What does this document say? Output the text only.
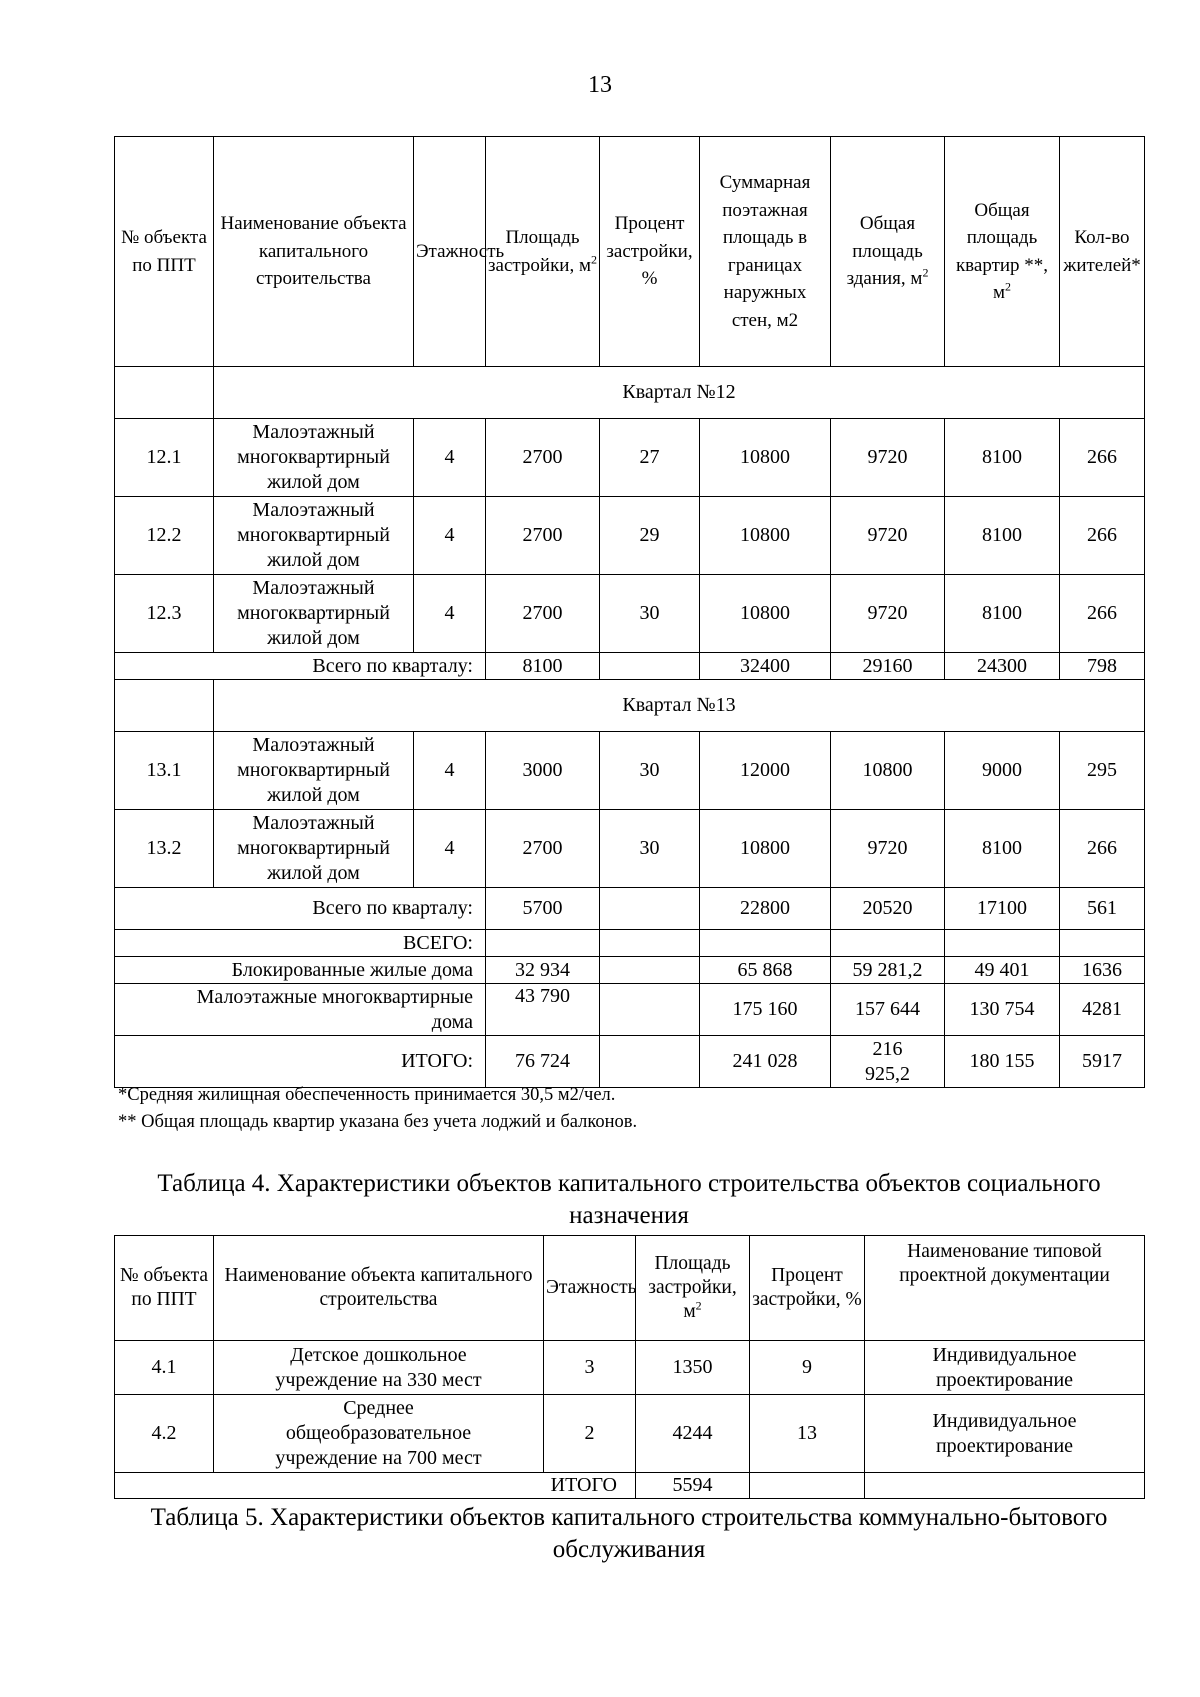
13
№ объекта по ППТ	Наименование объекта капитального строительства	Этажность	Площадь застройки, $м^2$	Процент застройки, %	Суммарная поэтажная площадь в границах наружных стен, м2	Общая площадь здания, $м^2$	Общая площадь квартир **, $м^2$	Кол-во жителей*
	Квартал №12							
12.1	Малоэтажный многоквартирный жилой дом	4	2700	27	10800	9720	8100	266
12.2	Малоэтажный многоквартирный жилой дом	4	2700	29	10800	9720	8100	266
12.3	Малоэтажный многоквартирный жилой дом	4	2700	30	10800	9720	8100	266
Всего по кварталу:			8100		32400	29160	24300	798
	Квартал №13							
13.1	Малоэтажный многоквартирный жилой дом	4	3000	30	12000	10800	9000	295
13.2	Малоэтажный многоквартирный жилой дом	4	2700	30	10800	9720	8100	266
Всего по кварталу:			5700		22800	20520	17100	561
ВСЕГО:								
Блокированные жилые дома			32 934		65 868	59 281,2	49 401	1636
Малоэтажные многоквартирные дома			43 790		175 160	157 644	130 754	4281
ИТОГО:			76 724		241 028	216 925,2	180 155	5917
*Средняя жилищная обеспеченность принимается 30,5 м2/чел.
** Общая площадь квартир указана без учета лоджий и балконов.
Таблица 4. Характеристики объектов капитального строительства объектов социального назначения
№ объекта по ППТ	Наименование объекта капитального строительства	Этажность	Площадь застройки, $м^2$	Процент застройки, %	Наименование типовой проектной документации
4.1	Детское дошкольное учреждение на 330 мест	3	1350	9	Индивидуальное проектирование
4.2	Среднее общеобразовательное учреждение на 700 мест	2	4244	13	Индивидуальное проектирование
ИТОГО			5594		
Таблица 5. Характеристики объектов капитального строительства коммунально-бытового обслуживания
